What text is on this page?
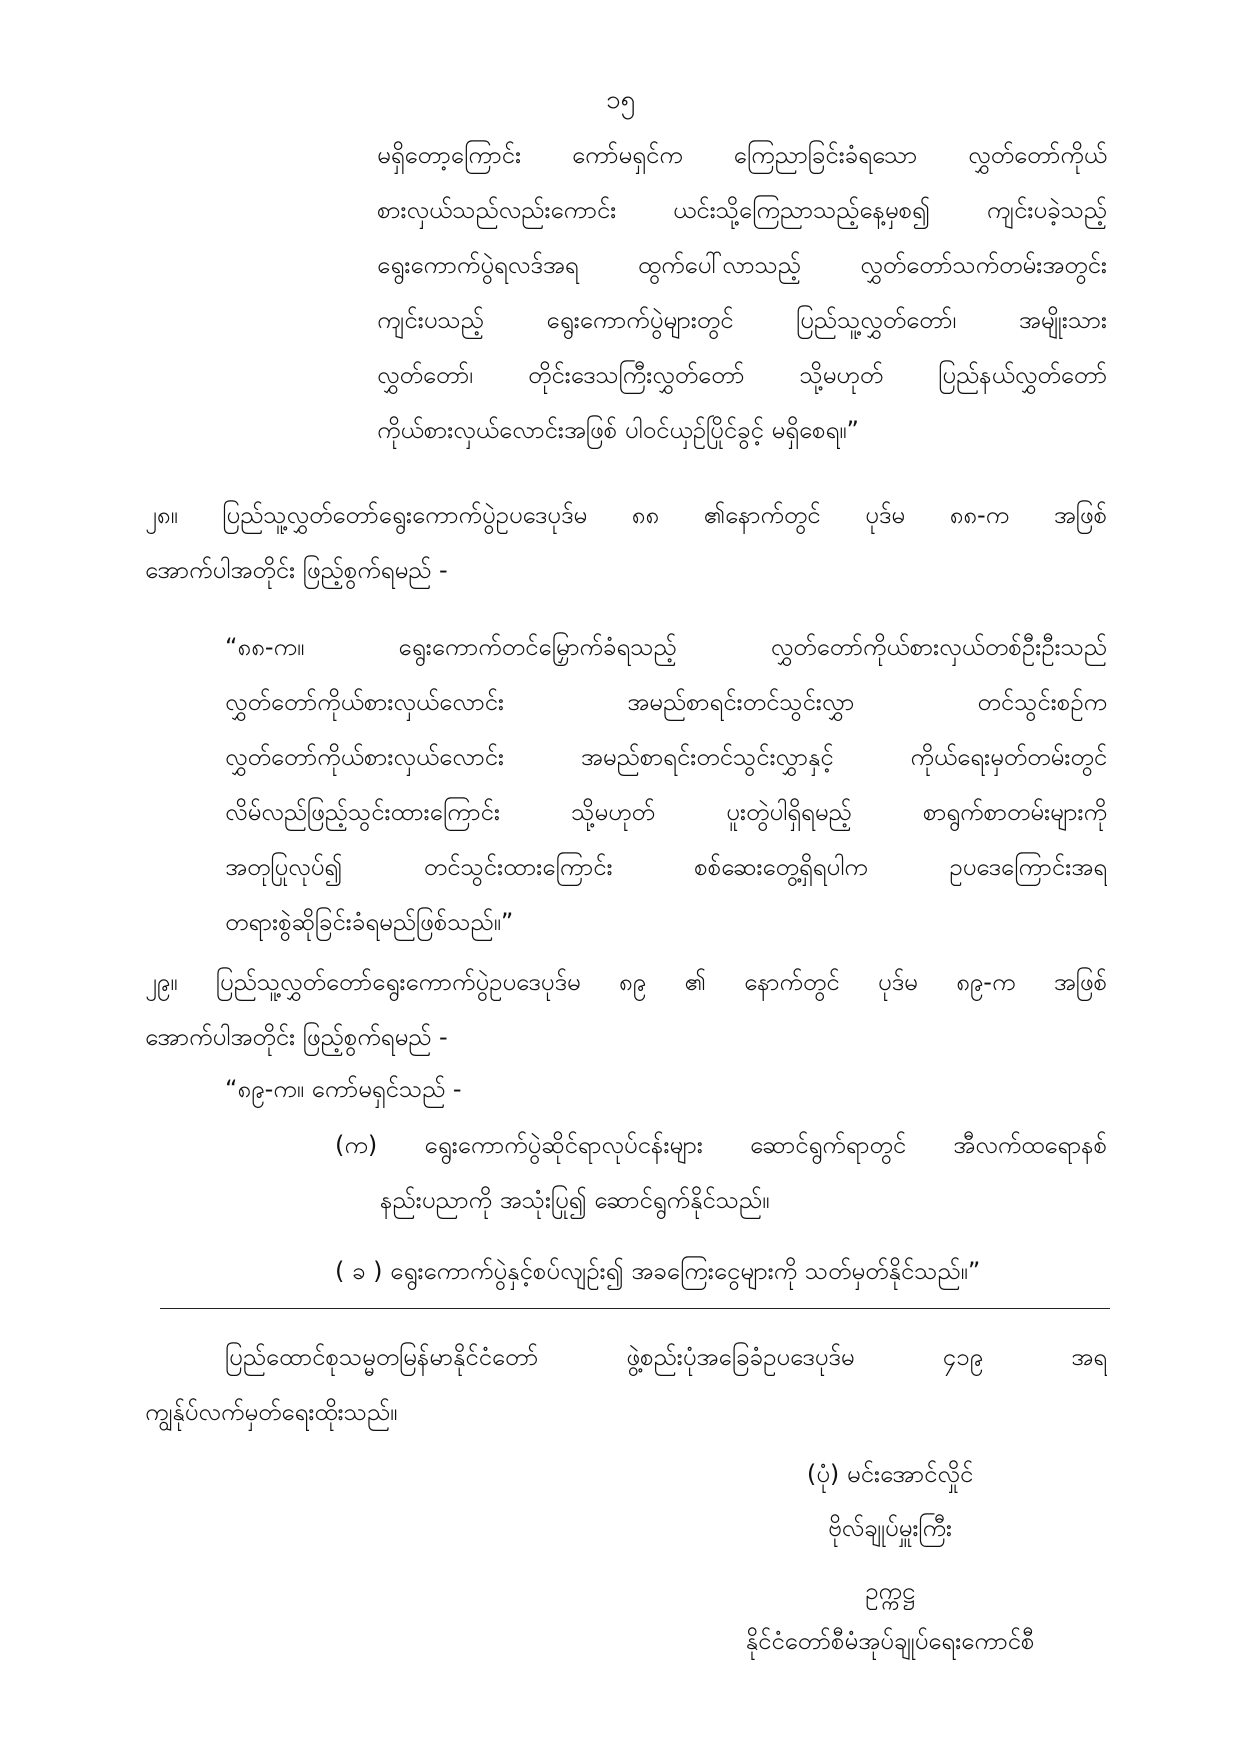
၁၅
မရှိတော့ကြောင်း ကော်မရှင်က ကြေညာခြင်းခံရသော လွှတ်တော်ကိုယ်
စားလှယ်သည်လည်းကောင်း ယင်းသို့ကြေညာသည့်နေ့မှစ၍ ကျင်းပခဲ့သည့်
ရွေးကောက်ပွဲရလဒ်အရ ထွက်ပေါ်လာသည့် လွှတ်တော်သက်တမ်းအတွင်း
ကျင်းပသည့် ရွေးကောက်ပွဲများတွင် ပြည်သူ့လွှတ်တော်၊ အမျိုးသား
လွှတ်တော်၊ တိုင်းဒေသကြီးလွှတ်တော် သို့မဟုတ် ပြည်နယ်လွှတ်တော်
ကိုယ်စားလှယ်လောင်းအဖြစ် ပါဝင်ယှဉ်ပြိုင်ခွင့် မရှိစေရ။”
၂၈။ ပြည်သူ့လွှတ်တော်ရွေးကောက်ပွဲဥပဒေပုဒ်မ ၈၈ ၏နောက်တွင် ပုဒ်မ ၈၈-က အဖြစ်
အောက်ပါအတိုင်း ဖြည့်စွက်ရမည် -
“၈၈-က။ ရွေးကောက်တင်မြှောက်ခံရသည့် လွှတ်တော်ကိုယ်စားလှယ်တစ်ဦးဦးသည်
လွှတ်တော်ကိုယ်စားလှယ်လောင်း အမည်စာရင်းတင်သွင်းလွှာ တင်သွင်းစဉ်က
လွှတ်တော်ကိုယ်စားလှယ်လောင်း အမည်စာရင်းတင်သွင်းလွှာနှင့် ကိုယ်ရေးမှတ်တမ်းတွင်
လိမ်လည်ဖြည့်သွင်းထားကြောင်း သို့မဟုတ် ပူးတွဲပါရှိရမည့် စာရွက်စာတမ်းများကို
အတုပြုလုပ်၍ တင်သွင်းထားကြောင်း စစ်ဆေးတွေ့ရှိရပါက ဥပဒေကြောင်းအရ
တရားစွဲဆိုခြင်းခံရမည်ဖြစ်သည်။”
၂၉။ ပြည်သူ့လွှတ်တော်ရွေးကောက်ပွဲဥပဒေပုဒ်မ ၈၉ ၏ နောက်တွင် ပုဒ်မ ၈၉-က အဖြစ်
အောက်ပါအတိုင်း ဖြည့်စွက်ရမည် -
“၈၉-က။ ကော်မရှင်သည် -
(က) ရွေးကောက်ပွဲဆိုင်ရာလုပ်ငန်းများ ဆောင်ရွက်ရာတွင် အီလက်ထရောနစ်
နည်းပညာကို အသုံးပြု၍ ဆောင်ရွက်နိုင်သည်။
( ခ ) ရွေးကောက်ပွဲနှင့်စပ်လျဉ်း၍ အခကြေးငွေများကို သတ်မှတ်နိုင်သည်။”
ပြည်ထောင်စုသမ္မတမြန်မာနိုင်ငံတော် ဖွဲ့စည်းပုံအခြေခံဥပဒေပုဒ်မ ၄၁၉ အရ
ကျွန်ုပ်လက်မှတ်ရေးထိုးသည်။
(ပုံ) မင်းအောင်လှိုင်
ဗိုလ်ချုပ်မှူးကြီး
ဥက္ကဋ္ဌ
နိုင်ငံတော်စီမံအုပ်ချုပ်ရေးကောင်စီ
